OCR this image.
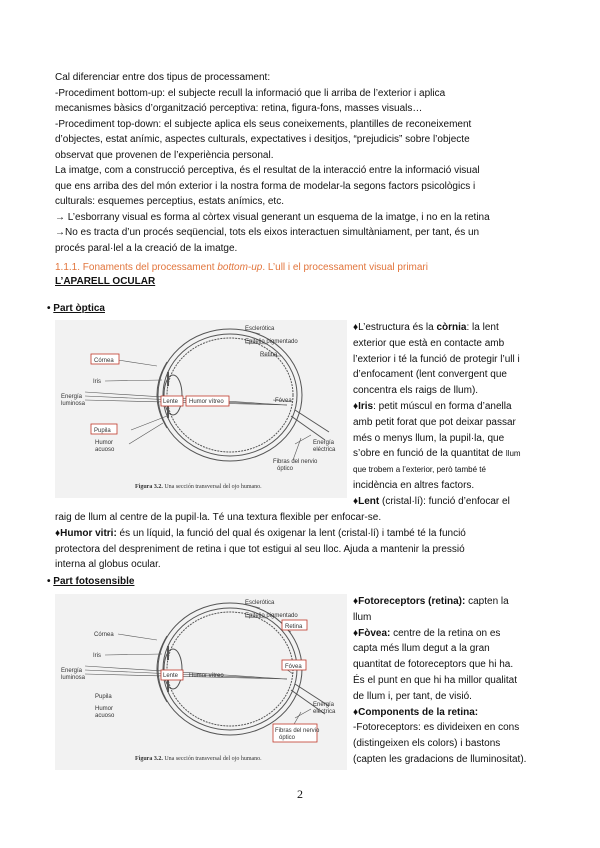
Cal diferenciar entre dos tipus de processament:
-Procediment bottom-up: el subjecte recull la informació que li arriba de l’exterior i aplica
mecanismes bàsics d’organització perceptiva: retina, figura-fons, masses visuals…
-Procediment top-down: el subjecte aplica els seus coneixements, plantilles de reconeixement
d’objectes, estat anímic, aspectes culturals, expectatives i desitjos, “prejudicis” sobre l’objecte
observat que provenen de l’experiència personal.
La imatge, com a construcció perceptiva, és el resultat de la interacció entre la informació visual
que ens arriba des del món exterior i la nostra forma de modelar-la segons factors psicològics i
culturals: esquemes perceptius, estats anímics, etc.
→ L’esborrany visual es forma al còrtex visual generant un esquema de la imatge, i no en la retina
→No es tracta d’un procés seqüencial, tots els eixos interactuen simultàniament, per tant, és un
procés paral·lel a la creació de la imatge.
1.1.1. Fonaments del processament bottom-up. L’ull i el processament visual primari
L’APARELL OCULAR
• Part òptica
Esclerótica
Epitelio pigmentado
Retina
Córnea
Iris
Energía
luminosa	Lente Humor vítreo	Fóvea
Pupila
Humor
acuoso
Energía
eléctrica
Fibras del nervio
óptico
Figura 3.2. Una sección transversal del ojo humano.
♦L’estructura és la còrnia: la lent
exterior que està en contacte amb
l’exterior i té la funció de protegir l’ull i
d’enfocament (lent convergent que
concentra els raigs de llum).
♦Iris: petit múscul en forma d’anella
amb petit forat que pot deixar passar
més o menys llum, la pupil·la, que
s’obre en funció de la quantitat de llum
que trobem a l’exterior, però també té
incidència en altres factors.
♦Lent (cristal·lí): funció d’enfocar el
raig de llum al centre de la pupil·la. Té una textura flexible per enfocar-se.
♦Humor vitri: és un líquid, la funció del qual és oxigenar la lent (cristal·lí) i també té la funció
protectora del despreniment de retina i que tot estigui al seu lloc. Ajuda a mantenir la pressió
interna al globus ocular.
• Part fotosensible
Esclerótica
Epitelio pigmentado
Retina
Córnea
Iris
Energía
luminosa	Lente Humor vítreo
Fóvea
Pupila
Humor
acuoso
Energía
eléctrica
Fibras del nervio
óptico
Figura 3.2. Una sección transversal del ojo humano.
♦Fotoreceptors (retina): capten la
llum
♦Fòvea: centre de la retina on es
capta més llum degut a la gran
quantitat de fotoreceptors que hi ha.
És el punt en que hi ha millor qualitat
de llum i, per tant, de visió.
♦Components de la retina:
-Fotoreceptors: es divideixen en cons
(distingeixen els colors) i bastons
(capten les gradacions de lluminositat).
2
